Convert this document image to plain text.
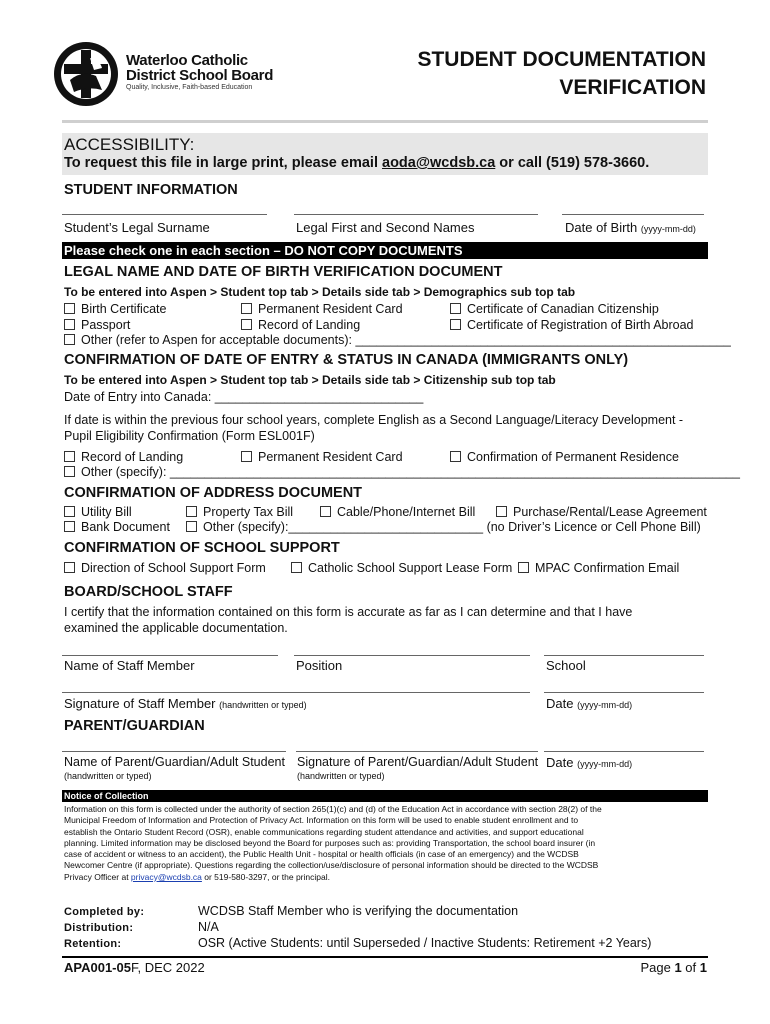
Waterloo Catholic
District School Board
Quality, Inclusive, Faith-based Education
STUDENT DOCUMENTATION
VERIFICATION
ACCESSIBILITY:
To request this file in large print, please email aoda@wcdsb.ca or call (519) 578-3660.
STUDENT INFORMATION
Student’s Legal Surname	Legal First and Second Names	Date of Birth (yyyy-mm-dd)
Please check one in each section – DO NOT COPY DOCUMENTS
LEGAL NAME AND DATE OF BIRTH VERIFICATION DOCUMENT
To be entered into Aspen > Student top tab > Details side tab > Demographics sub top tab
Birth Certificate	Permanent Resident Card	Certificate of Canadian Citizenship
Passport	Record of Landing	Certificate of Registration of Birth Abroad
Other (refer to Aspen for acceptable documents): ______________________________________________________
CONFIRMATION OF DATE OF ENTRY & STATUS IN CANADA (IMMIGRANTS ONLY)
To be entered into Aspen > Student top tab > Details side tab > Citizenship sub top tab
Date of Entry into Canada: ______________________________
If date is within the previous four school years, complete English as a Second Language/Literacy Development -
Pupil Eligibility Confirmation (Form ESL001F)
Record of Landing	Permanent Resident Card	Confirmation of Permanent Residence
Other (specify): __________________________________________________________________________________
CONFIRMATION OF ADDRESS DOCUMENT
Utility Bill	Property Tax Bill	Cable/Phone/Internet Bill	Purchase/Rental/Lease Agreement
Bank Document	Other (specify):____________________________ (no Driver’s Licence or Cell Phone Bill)
CONFIRMATION OF SCHOOL SUPPORT
Direction of School Support Form	Catholic School Support Lease Form	MPAC Confirmation Email
BOARD/SCHOOL STAFF
I certify that the information contained on this form is accurate as far as I can determine and that I have
examined the applicable documentation.
Name of Staff Member	Position	School
Signature of Staff Member (handwritten or typed)	Date (yyyy-mm-dd)
PARENT/GUARDIAN
Name of Parent/Guardian/Adult Student
(handwritten or typed)
Signature of Parent/Guardian/Adult Student
(handwritten or typed)
Date (yyyy-mm-dd)
Notice of Collection
Information on this form is collected under the authority of section 265(1)(c) and (d) of the Education Act in accordance with section 28(2) of the
Municipal Freedom of Information and Protection of Privacy Act. Information on this form will be used to enable student enrollment and to
establish the Ontario Student Record (OSR), enable communications regarding student attendance and activities, and support educational
planning. Limited information may be disclosed beyond the Board for purposes such as: providing Transportation, the school board insurer (in
case of accident or witness to an accident), the Public Health Unit - hospital or health officials (in case of an emergency) and the WCDSB
Newcomer Centre (if appropriate). Questions regarding the collection/use/disclosure of personal information should be directed to the WCDSB
Privacy Officer at privacy@wcdsb.ca or 519-580-3297, or the principal.
Completed by:	WCDSB Staff Member who is verifying the documentation
Distribution:	N/A
Retention:	OSR (Active Students: until Superseded / Inactive Students: Retirement +2 Years)
APA001-05F, DEC 2022	Page 1 of 1
